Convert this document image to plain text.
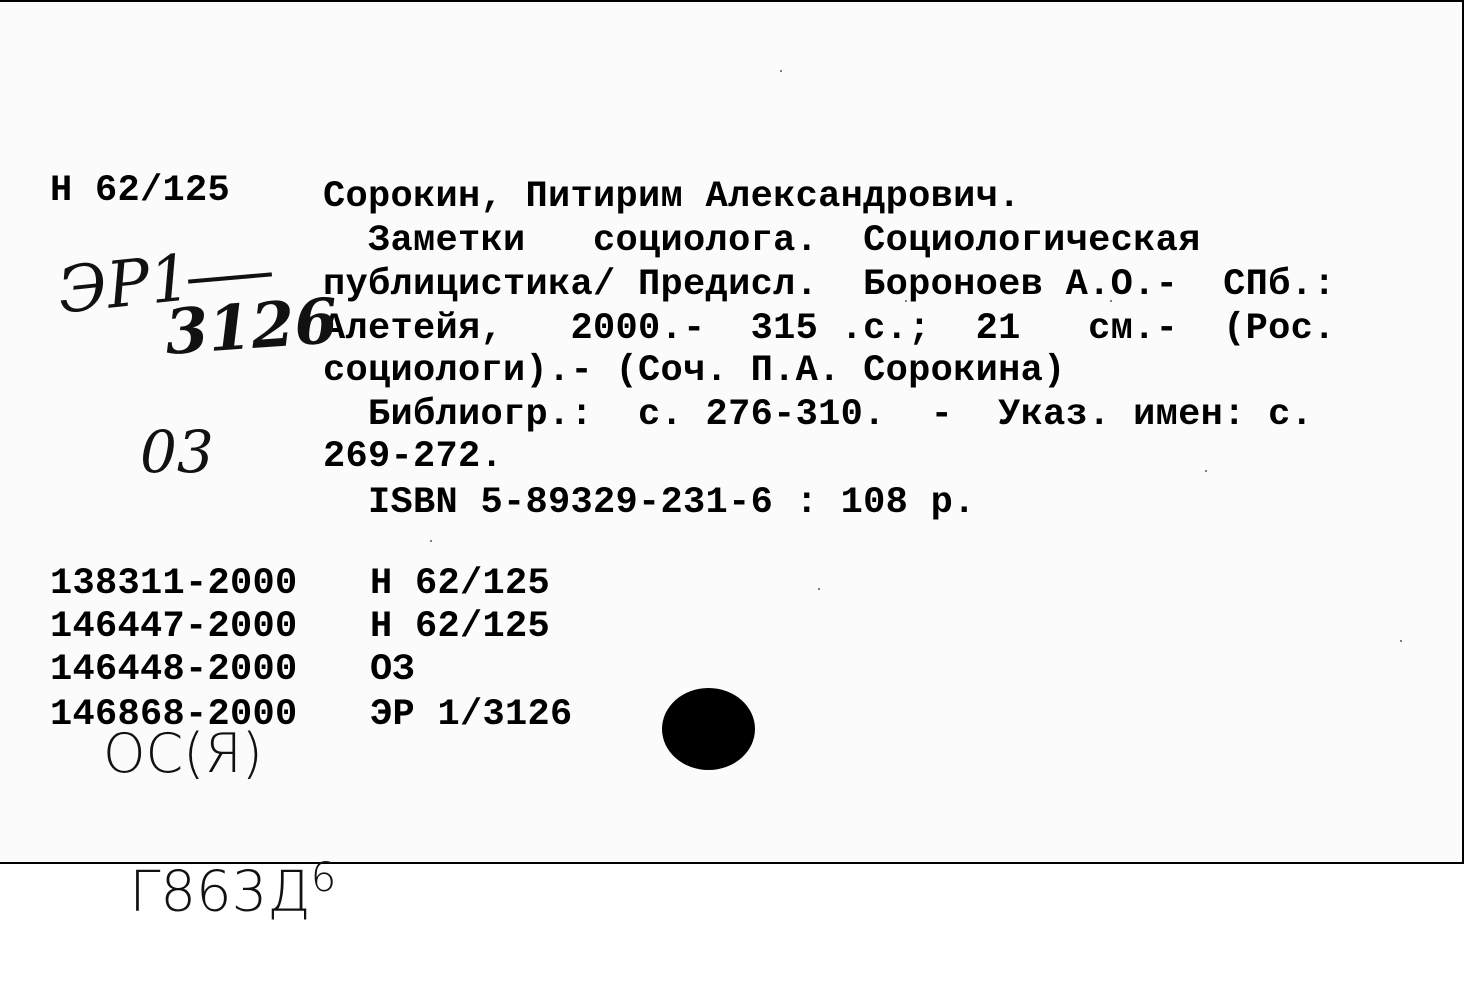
Н 62/125	Сорокин, Питирим Александрович.
Заметки   социолога.  Социологическая
публицистика/ Предисл.  Бороноев А.О.-  СПб.:
Алетейя,   2000.-  315 .с.;  21   см.-  (Рос.
социологи).- (Соч. П.А. Сорокина)
Библиогр.:  с. 276-310.  -  Указ. имен: с.
269-272.
ISBN 5-89329-231-6 : 108 р.
138311-2000 Н 62/125
146447-2000 Н 62/125
146448-2000 ОЗ
146868-2000 ЭР 1/3126
ЭР1
3126
03
ОС(Я)

$Г863Д^6$
